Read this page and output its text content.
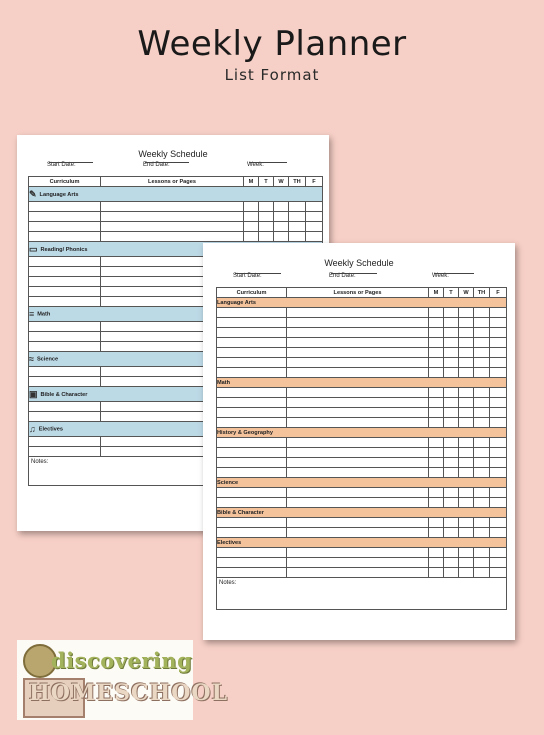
Weekly Planner
List Format
Weekly Schedule
Start Date:	End Date:	Week:
Curriculum	Lessons or Pages	M	T	W	TH	F
✎ Language Arts						

▭ Reading/ Phonics						

≡ Math						

≈ Science						

▣ Bible & Character						

♫ Electives						

Notes:						
Weekly Schedule
Start Date:	End Date:	Week:
Curriculum	Lessons or Pages	M	T	W	TH	F
Language Arts						

Math						

History & Geography						

Science						

Bible & Character						

Electives						

Notes:						
discovering
HOMESCHOOL
